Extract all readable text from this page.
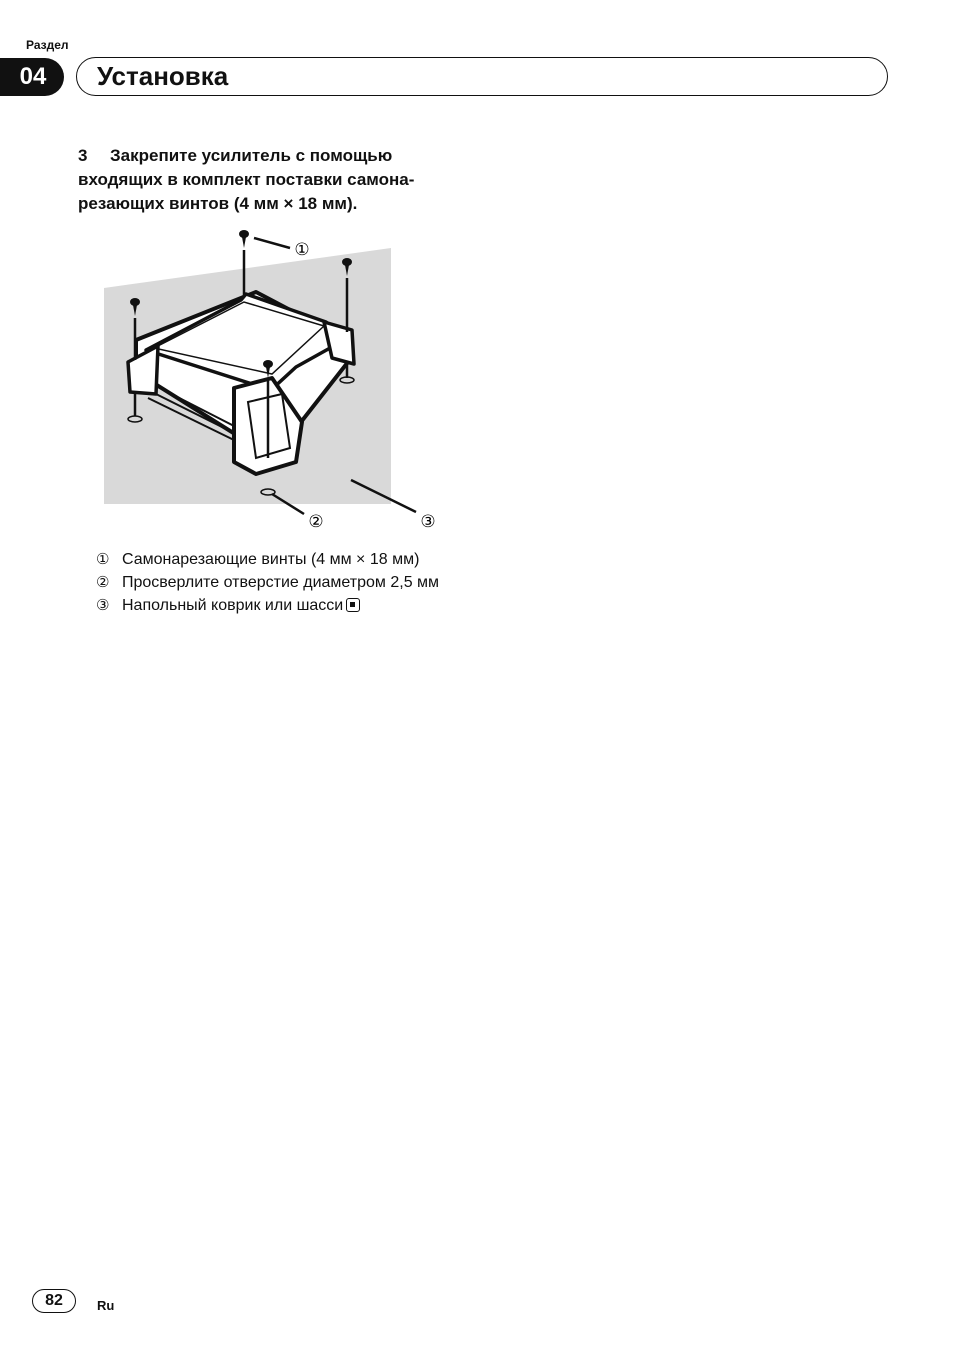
Раздел
04	Установка
3 Закрепите усилитель с помощью входящих в комплект поставки самонарезающих винтов (4 мм × 18 мм).
①
②	③
① Самонарезающие винты (4 мм × 18 мм)
② Просверлите отверстие диаметром 2,5 мм
③ Напольный коврик или шасси
82	Ru
